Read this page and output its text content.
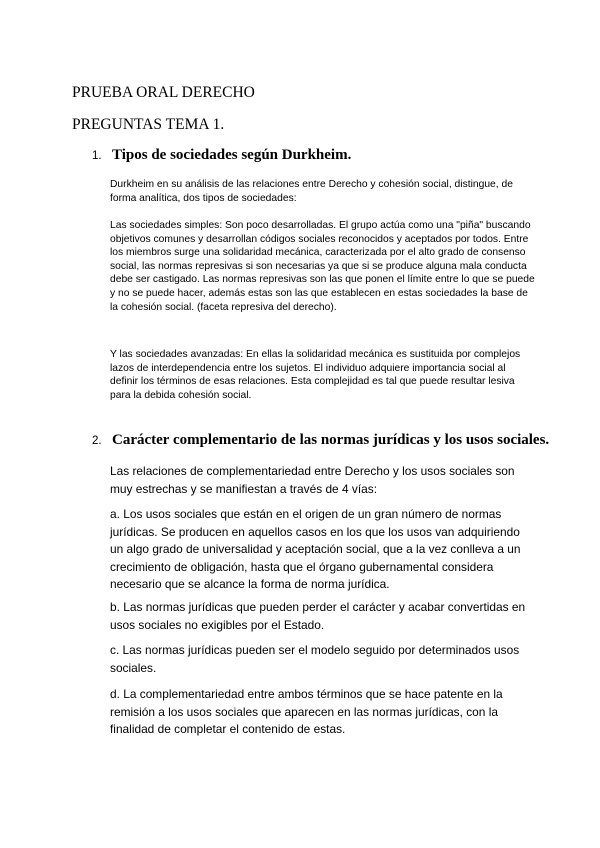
PRUEBA ORAL DERECHO
PREGUNTAS TEMA 1.
1. Tipos de sociedades según Durkheim.

Durkheim en su análisis de las relaciones entre Derecho y cohesión social, distingue, de forma analítica, dos tipos de sociedades:

Las sociedades simples: Son poco desarrolladas. El grupo actúa como una "piña" buscando objetivos comunes y desarrollan códigos sociales reconocidos y aceptados por todos. Entre los miembros surge una solidaridad mecánica, caracterizada por el alto grado de consenso social, las normas represivas si son necesarias ya que si se produce alguna mala conducta debe ser castigado. Las normas represivas son las que ponen el límite entre lo que se puede y no se puede hacer, además estas son las que establecen en estas sociedades la base de la cohesión social. (faceta represiva del derecho).

Y las sociedades avanzadas: En ellas la solidaridad mecánica es sustituida por complejos lazos de interdependencia entre los sujetos. El individuo adquiere importancia social al definir los términos de esas relaciones. Esta complejidad es tal que puede resultar lesiva para la debida cohesión social.

2. Carácter complementario de las normas jurídicas y los usos sociales.

Las relaciones de complementariedad entre Derecho y los usos sociales son muy estrechas y se manifiestan a través de 4 vías:

a. Los usos sociales que están en el origen de un gran número de normas jurídicas. Se producen en aquellos casos en los que los usos van adquiriendo un algo grado de universalidad y aceptación social, que a la vez conlleva a un crecimiento de obligación, hasta que el órgano gubernamental considera necesario que se alcance la forma de norma jurídica.

b. Las normas jurídicas que pueden perder el carácter y acabar convertidas en usos sociales no exigibles por el Estado.

c. Las normas jurídicas pueden ser el modelo seguido por determinados usos sociales.

d. La complementariedad entre ambos términos que se hace patente en la remisión a los usos sociales que aparecen en las normas jurídicas, con la finalidad de completar el contenido de estas.
